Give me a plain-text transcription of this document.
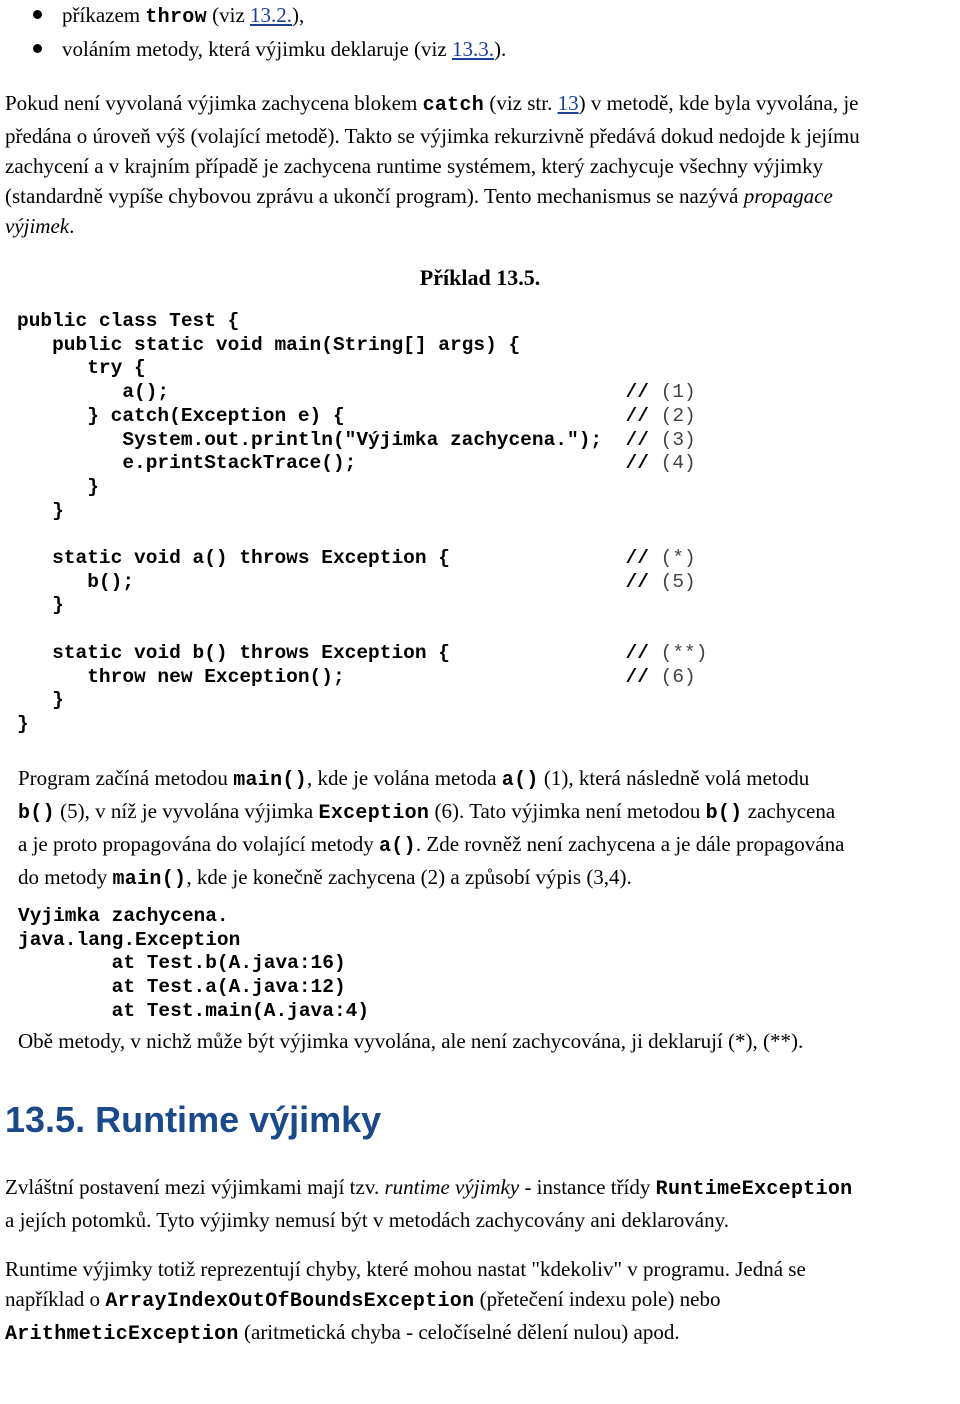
příkazem throw (viz 13.2.),
voláním metody, která výjimku deklaruje (viz 13.3.).
Pokud není vyvolaná výjimka zachycena blokem catch (viz str. 13) v metodě, kde byla vyvolána, je
předána o úroveň výš (volající metodě). Takto se výjimka rekurzivně předává dokud nedojde k jejímu
zachycení a v krajním případě je zachycena runtime systémem, který zachycuje všechny výjimky
(standardně vypíše chybovou zprávu a ukončí program). Tento mechanismus se nazývá propagace
výjimek.
Příklad 13.5.
public class Test {
public static void main(String[] args) {
try {
a();	// (1)
} catch(Exception e) {	// (2)
System.out.println("Výjimka zachycena."); // (3)
e.printStackTrace();	// (4)
}
}

static void a() throws Exception {	// (*)
b();	// (5)
}

static void b() throws Exception {	// (**)
throw new Exception();	// (6)
}
}
Program začíná metodou main(), kde je volána metoda a() (1), která následně volá metodu
b() (5), v níž je vyvolána výjimka Exception (6). Tato výjimka není metodou b() zachycena
a je proto propagována do volající metody a(). Zde rovněž není zachycena a je dále propagována
do metody main(), kde je konečně zachycena (2) a způsobí výpis (3,4).
Vyjimka zachycena.
java.lang.Exception
at Test.b(A.java:16)
at Test.a(A.java:12)
at Test.main(A.java:4)
Obě metody, v nichž může být výjimka vyvolána, ale není zachycována, ji deklarují (*), (**).
13.5. Runtime výjimky
Zvláštní postavení mezi výjimkami mají tzv. runtime výjimky - instance třídy RuntimeException
a jejích potomků. Tyto výjimky nemusí být v metodách zachycovány ani deklarovány.
Runtime výjimky totiž reprezentují chyby, které mohou nastat "kdekoliv" v programu. Jedná se
například o ArrayIndexOutOfBoundsException (přetečení indexu pole) nebo
ArithmeticException (aritmetická chyba - celočíselné dělení nulou) apod.
